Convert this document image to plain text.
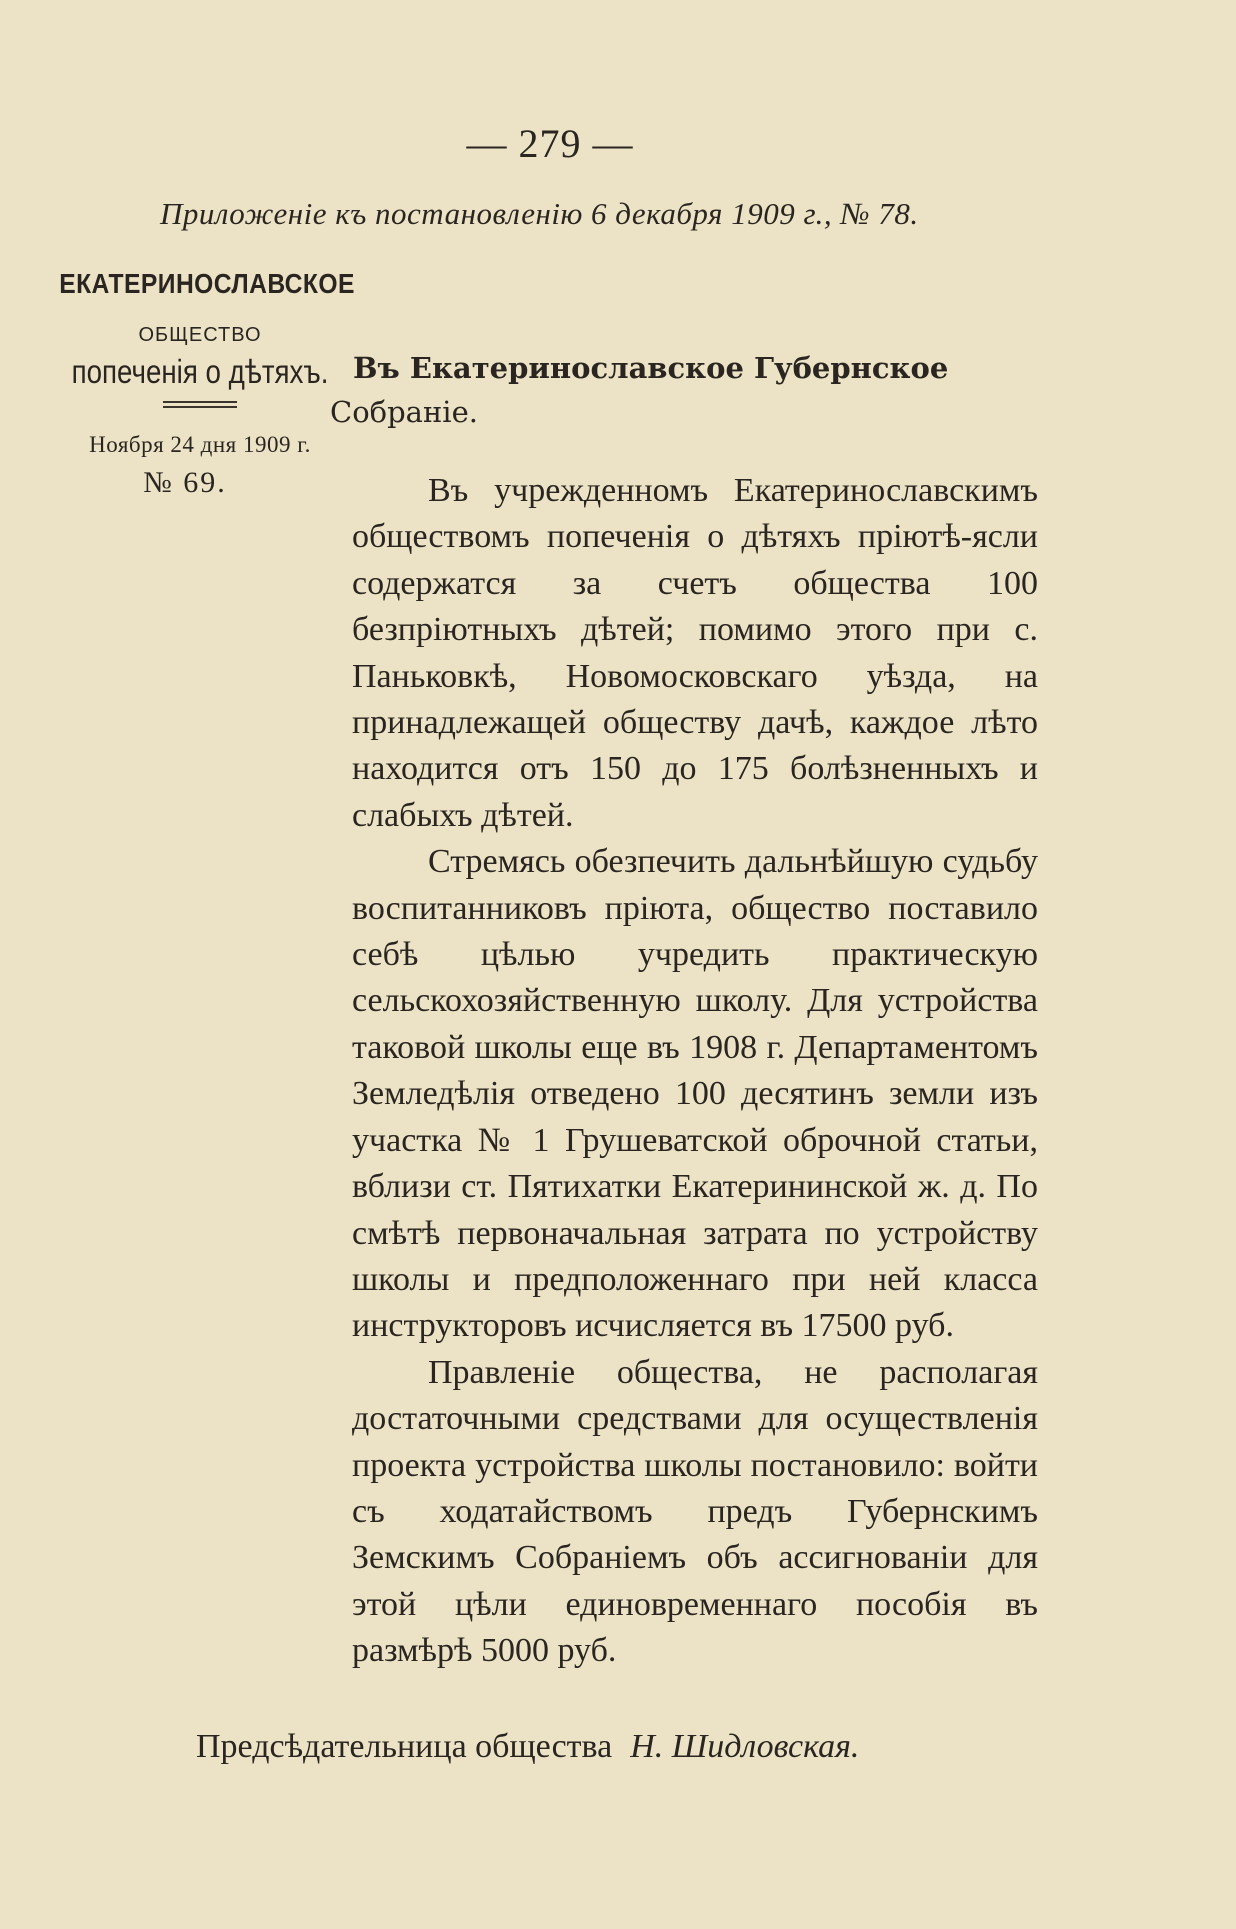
— 279 —
Приложеніе къ постановленію 6 декабря 1909 г., № 78.
ЕКАТЕРИНОСЛАВСКОЕ
ОБЩЕСТВО
попеченія о дѣтяхъ.
Ноября 24 дня 1909 г.
№ 69.
Въ Екатеринославское Губернское
Собраніе.

Въ учрежденномъ Екатеринославскимъ обществомъ попеченія о дѣтяхъ пріютѣ-ясли содержатся за счетъ общества 100 безпріютныхъ дѣтей; помимо этого при с. Паньковкѣ, Новомосковскаго уѣзда, на принадлежащей обществу дачѣ, каждое лѣто находится отъ 150 до 175 болѣзненныхъ и слабыхъ дѣтей.

Стремясь обезпечить дальнѣйшую судьбу воспитанниковъ пріюта, общество поставило себѣ цѣлью учредить практическую сельскохозяйственную школу. Для устройства таковой школы еще въ 1908 г. Департаментомъ Земледѣлія отведено 100 десятинъ земли изъ участка № 1 Грушеватской оброчной статьи, вблизи ст. Пятихатки Екатерининской ж. д. По смѣтѣ первоначальная затрата по устройству школы и предположеннаго при ней класса инструкторовъ исчисляется въ 17500 руб.

Правленіе общества, не располагая достаточными средствами для осуществленія проекта устройства школы постановило: войти съ ходатайствомъ предъ Губернскимъ Земскимъ Собраніемъ объ ассигнованіи для этой цѣли единовременнаго пособія въ размѣрѣ 5000 руб.

Предсѣдательница общества Н. Шидловская.
